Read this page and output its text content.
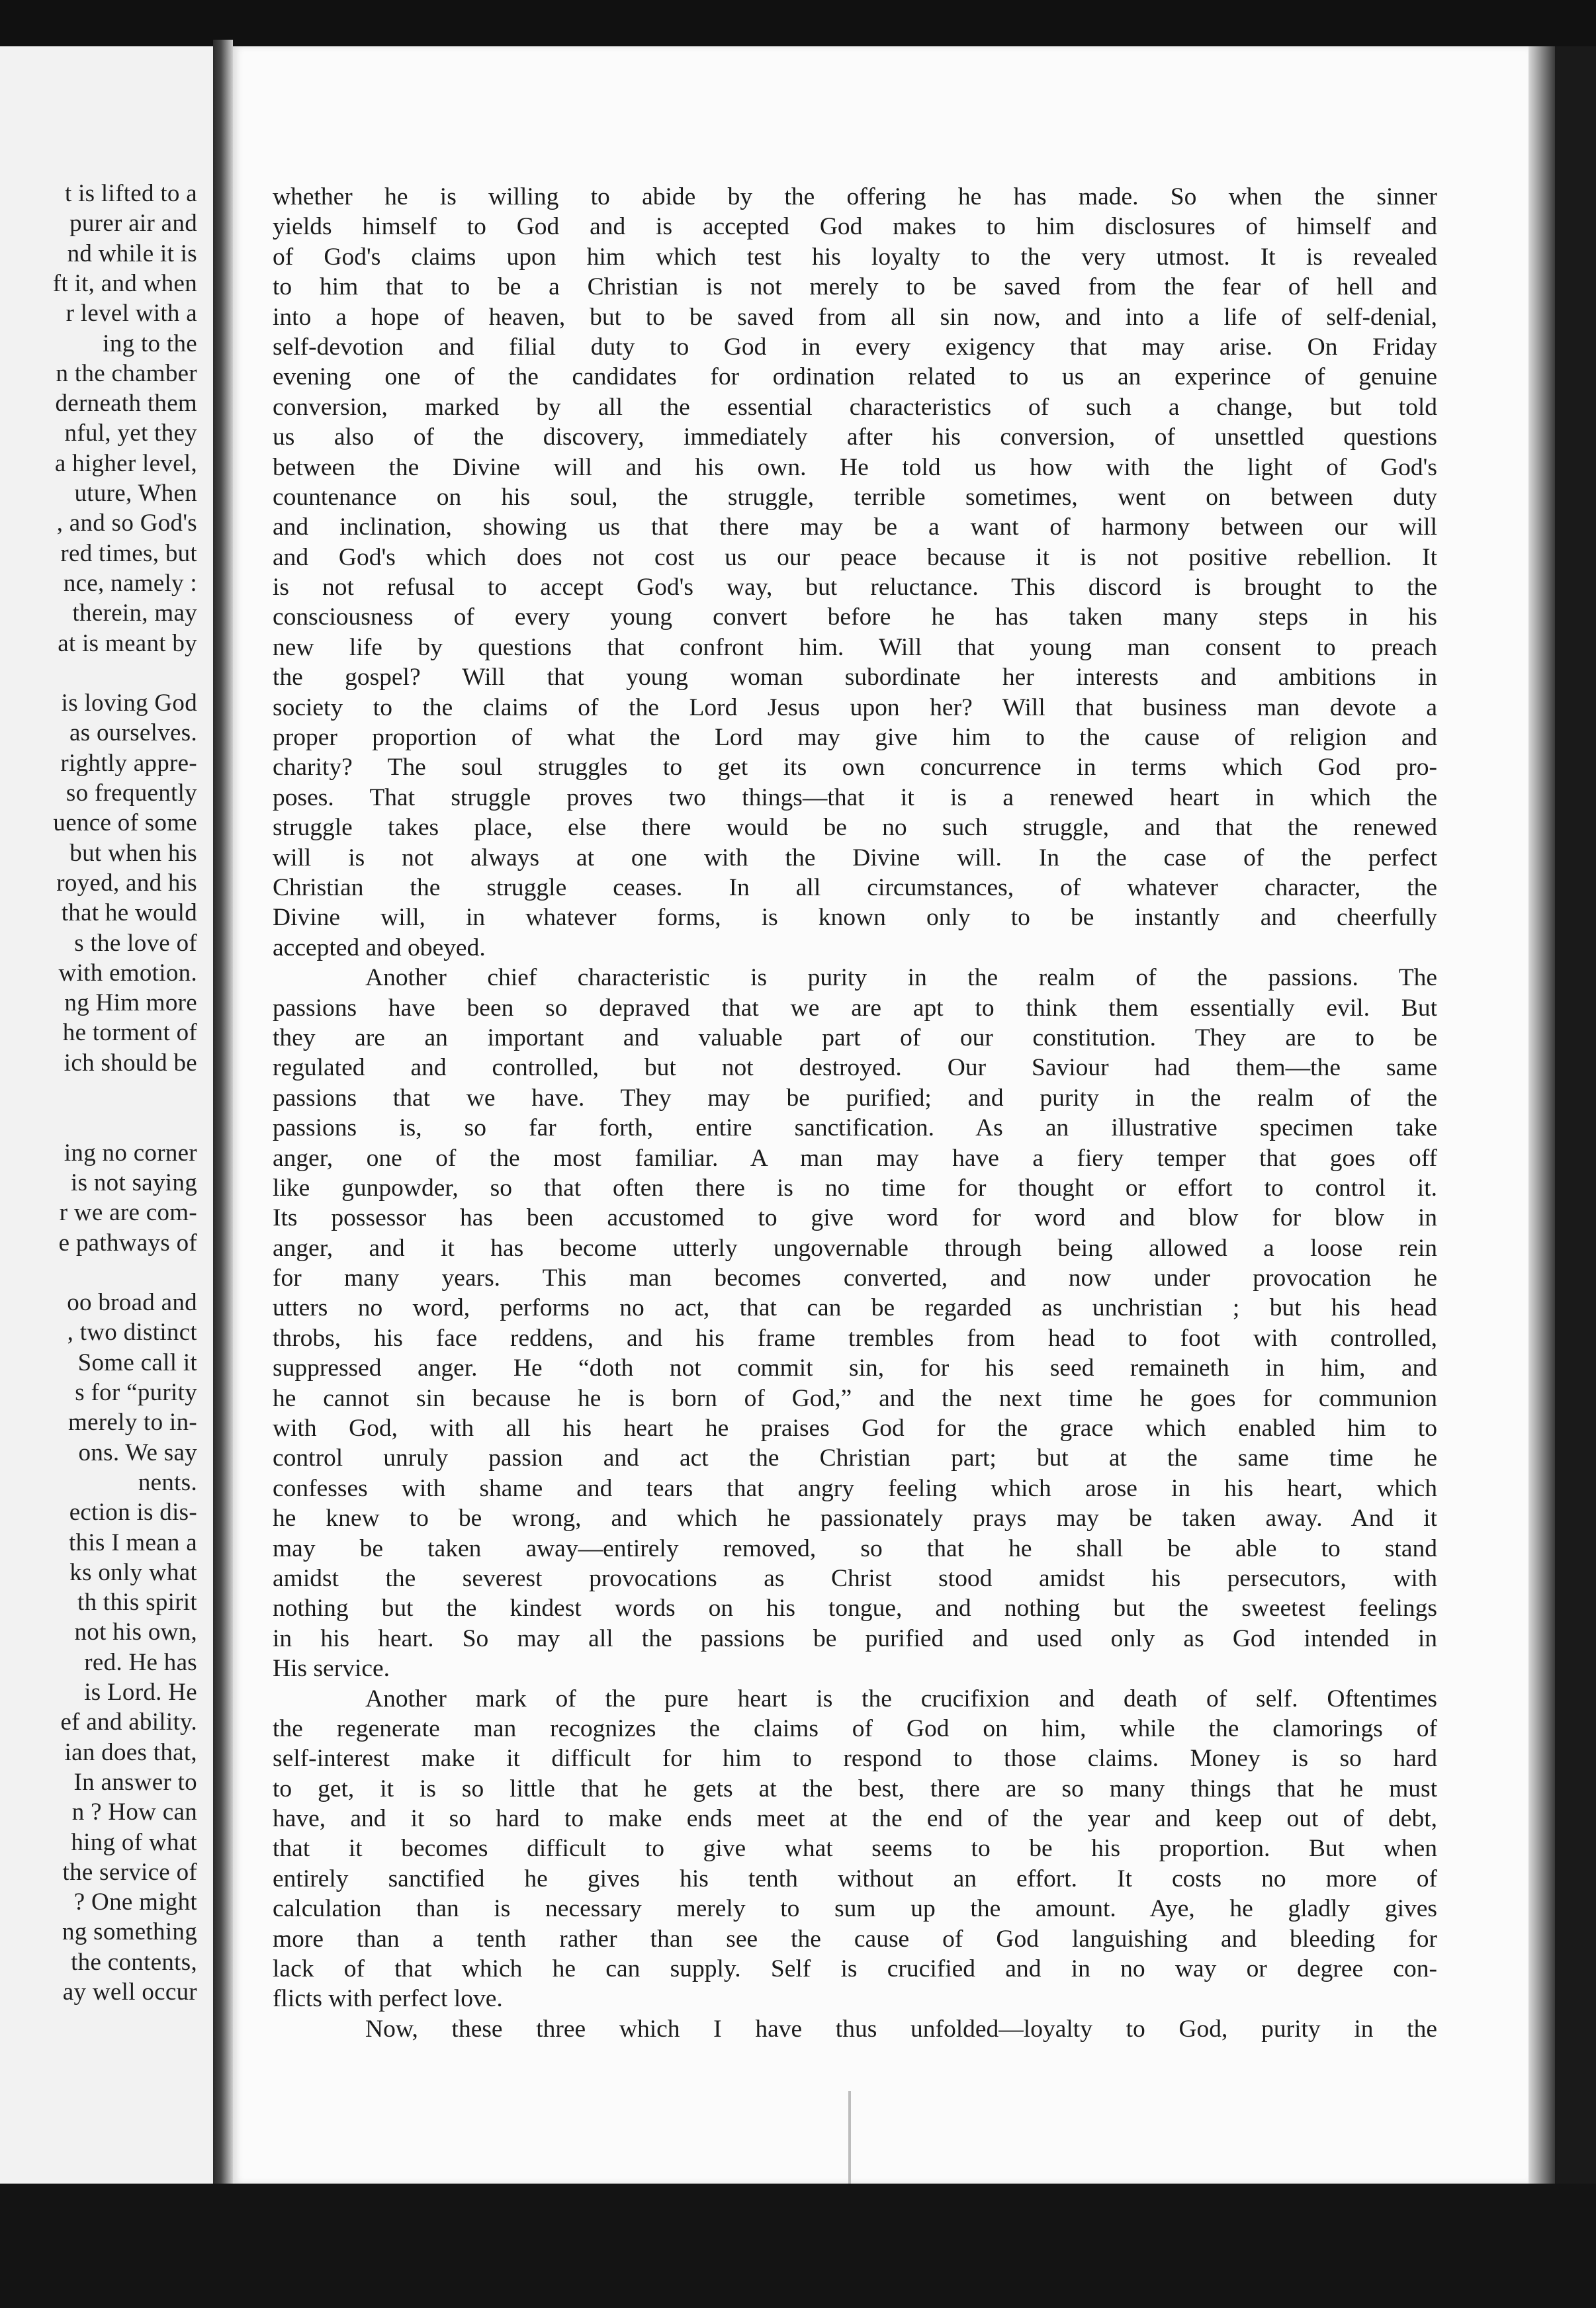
t is lifted to a
purer air and
nd while it is
ft it, and when
r level with a
ing to the
n the chamber
derneath them
nful, yet they
a higher level,
uture, When
, and so God's
red times, but
nce, namely :
therein, may
at is meant by
is loving God
as ourselves.
rightly appre-
so frequently
uence of some
but when his
royed, and his
that he would
s the love of
with emotion.
ng Him more
he torment of
ich should be
ing no corner
is not saying
r we are com-
e pathways of
oo broad and
, two distinct
Some call it
s for “purity
merely to in-
ons. We say
nents.
ection is dis-
this I mean a
ks only what
th this spirit
not his own,
red. He has
is Lord. He
ef and ability.
ian does that,
In answer to
n ? How can
hing of what
the service of
? One might
ng something
the contents,
ay well occur
whether he is willing to abide by the offering he has made. So when the sinner
yields himself to God and is accepted God makes to him disclosures of himself and
of God's claims upon him which test his loyalty to the very utmost. It is revealed
to him that to be a Christian is not merely to be saved from the fear of hell and
into a hope of heaven, but to be saved from all sin now, and into a life of self-denial,
self-devotion and filial duty to God in every exigency that may arise. On Friday
evening one of the candidates for ordination related to us an experince of genuine
conversion, marked by all the essential characteristics of such a change, but told
us also of the discovery, immediately after his conversion, of unsettled questions
between the Divine will and his own. He told us how with the light of God's
countenance on his soul, the struggle, terrible sometimes, went on between duty
and inclination, showing us that there may be a want of harmony between our will
and God's which does not cost us our peace because it is not positive rebellion. It
is not refusal to accept God's way, but reluctance. This discord is brought to the
consciousness of every young convert before he has taken many steps in his
new life by questions that confront him. Will that young man consent to preach
the gospel? Will that young woman subordinate her interests and ambitions in
society to the claims of the Lord Jesus upon her? Will that business man devote a
proper proportion of what the Lord may give him to the cause of religion and
charity? The soul struggles to get its own concurrence in terms which God pro-
poses. That struggle proves two things—that it is a renewed heart in which the
struggle takes place, else there would be no such struggle, and that the renewed
will is not always at one with the Divine will. In the case of the perfect
Christian the struggle ceases. In all circumstances, of whatever character, the
Divine will, in whatever forms, is known only to be instantly and cheerfully
accepted and obeyed.
Another chief characteristic is purity in the realm of the passions. The
passions have been so depraved that we are apt to think them essentially evil. But
they are an important and valuable part of our constitution. They are to be
regulated and controlled, but not destroyed. Our Saviour had them—the same
passions that we have. They may be purified; and purity in the realm of the
passions is, so far forth, entire sanctification. As an illustrative specimen take
anger, one of the most familiar. A man may have a fiery temper that goes off
like gunpowder, so that often there is no time for thought or effort to control it.
Its possessor has been accustomed to give word for word and blow for blow in
anger, and it has become utterly ungovernable through being allowed a loose rein
for many years. This man becomes converted, and now under provocation he
utters no word, performs no act, that can be regarded as unchristian ; but his head
throbs, his face reddens, and his frame trembles from head to foot with controlled,
suppressed anger. He “doth not commit sin, for his seed remaineth in him, and
he cannot sin because he is born of God,” and the next time he goes for communion
with God, with all his heart he praises God for the grace which enabled him to
control unruly passion and act the Christian part; but at the same time he
confesses with shame and tears that angry feeling which arose in his heart, which
he knew to be wrong, and which he passionately prays may be taken away. And it
may be taken away—entirely removed, so that he shall be able to stand
amidst the severest provocations as Christ stood amidst his persecutors, with
nothing but the kindest words on his tongue, and nothing but the sweetest feelings
in his heart. So may all the passions be purified and used only as God intended in
His service.
Another mark of the pure heart is the crucifixion and death of self. Oftentimes
the regenerate man recognizes the claims of God on him, while the clamorings of
self-interest make it difficult for him to respond to those claims. Money is so hard
to get, it is so little that he gets at the best, there are so many things that he must
have, and it so hard to make ends meet at the end of the year and keep out of debt,
that it becomes difficult to give what seems to be his proportion. But when
entirely sanctified he gives his tenth without an effort. It costs no more of
calculation than is necessary merely to sum up the amount. Aye, he gladly gives
more than a tenth rather than see the cause of God languishing and bleeding for
lack of that which he can supply. Self is crucified and in no way or degree con-
flicts with perfect love.
Now, these three which I have thus unfolded—loyalty to God, purity in the
